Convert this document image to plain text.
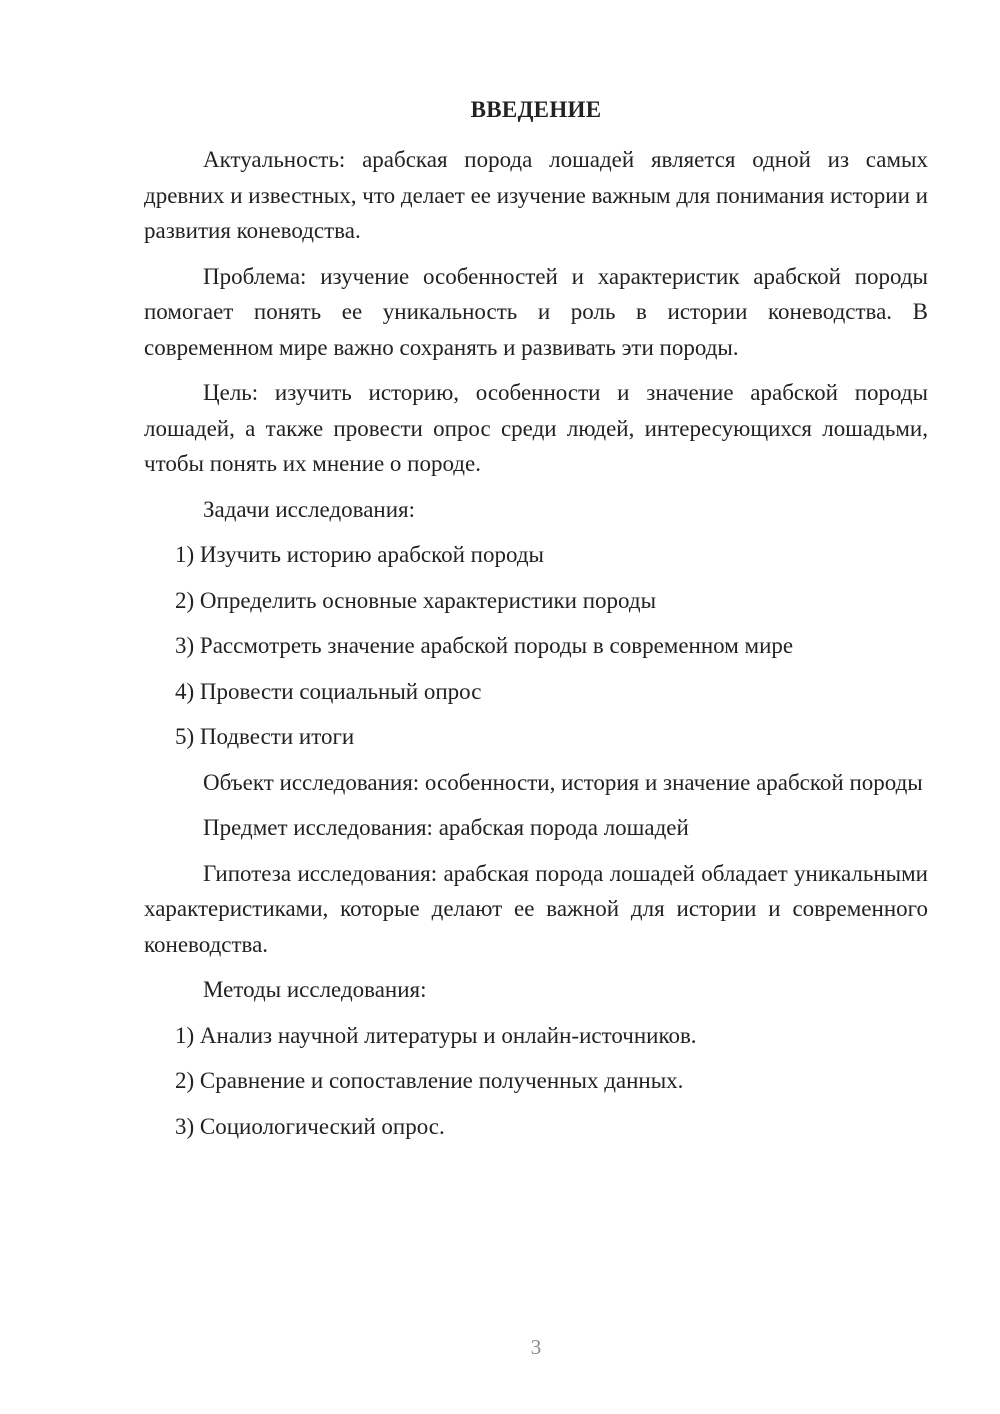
ВВЕДЕНИЕ

Актуальность: арабская порода лошадей является одной из самых древних и известных, что делает ее изучение важным для понимания истории и развития коневодства.

Проблема: изучение особенностей и характеристик арабской породы помогает понять ее уникальность и роль в истории коневодства. В современном мире важно сохранять и развивать эти породы.

Цель: изучить историю, особенности и значение арабской породы лошадей, а также провести опрос среди людей, интересующихся лошадьми, чтобы понять их мнение о породе.

Задачи исследования:

1) Изучить историю арабской породы

2) Определить основные характеристики породы

3) Рассмотреть значение арабской породы в современном мире

4) Провести социальный опрос

5) Подвести итоги

Объект исследования: особенности, история и значение арабской породы

Предмет исследования: арабская порода лошадей

Гипотеза исследования: арабская порода лошадей обладает уникальными характеристиками, которые делают ее важной для истории и современного коневодства.

Методы исследования:

1) Анализ научной литературы и онлайн-источников.

2) Сравнение и сопоставление полученных данных.

3) Социологический опрос.

3
